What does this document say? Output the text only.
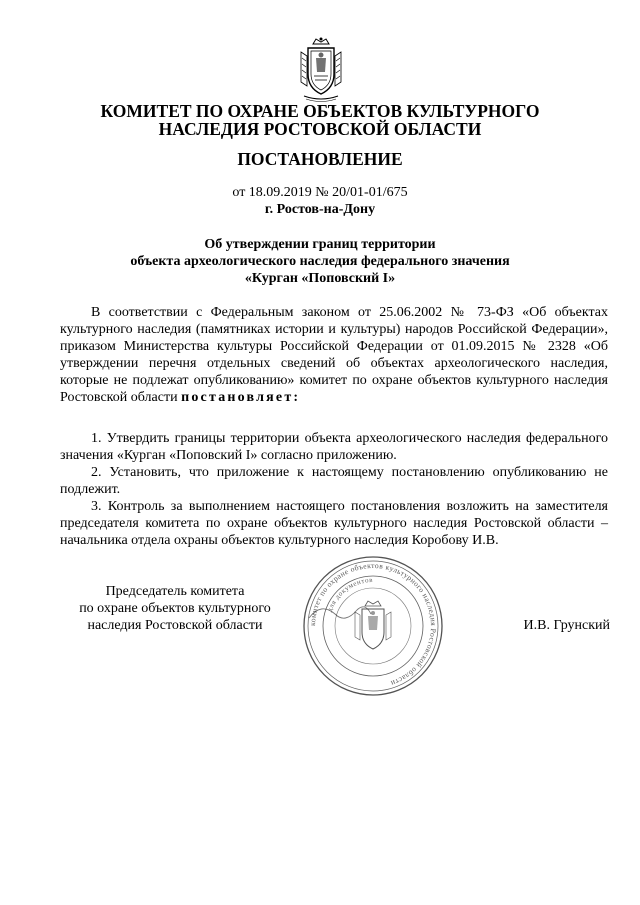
КОМИТЕТ ПО ОХРАНЕ ОБЪЕКТОВ КУЛЬТУРНОГО
НАСЛЕДИЯ РОСТОВСКОЙ ОБЛАСТИ
ПОСТАНОВЛЕНИЕ
от 18.09.2019 № 20/01-01/675
г. Ростов-на-Дону
Об утверждении границ территории
объекта археологического наследия федерального значения
«Курган «Поповский I»

В соответствии с Федеральным законом от 25.06.2002 № 73-ФЗ «Об объектах культурного наследия (памятниках истории и культуры) народов Российской Федерации», приказом Министерства культуры Российской Федерации от 01.09.2015 № 2328 «Об утверждении перечня отдельных сведений об объектах археологического наследия, которые не подлежат опубликованию» комитет по охране объектов культурного наследия Ростовской области постановляет:

1. Утвердить границы территории объекта археологического наследия федерального значения «Курган «Поповский I» согласно приложению.

2. Установить, что приложение к настоящему постановлению опубликованию не подлежит.

3. Контроль за выполнением настоящего постановления возложить на заместителя председателя комитета по охране объектов культурного наследия Ростовской области – начальника отдела охраны объектов культурного наследия Коробову И.В.

комитет по охране объектов культурного наследия Ростовской области
для документов
Председатель комитета
по охране объектов культурного
наследия Ростовской области	И.В. Грунский
